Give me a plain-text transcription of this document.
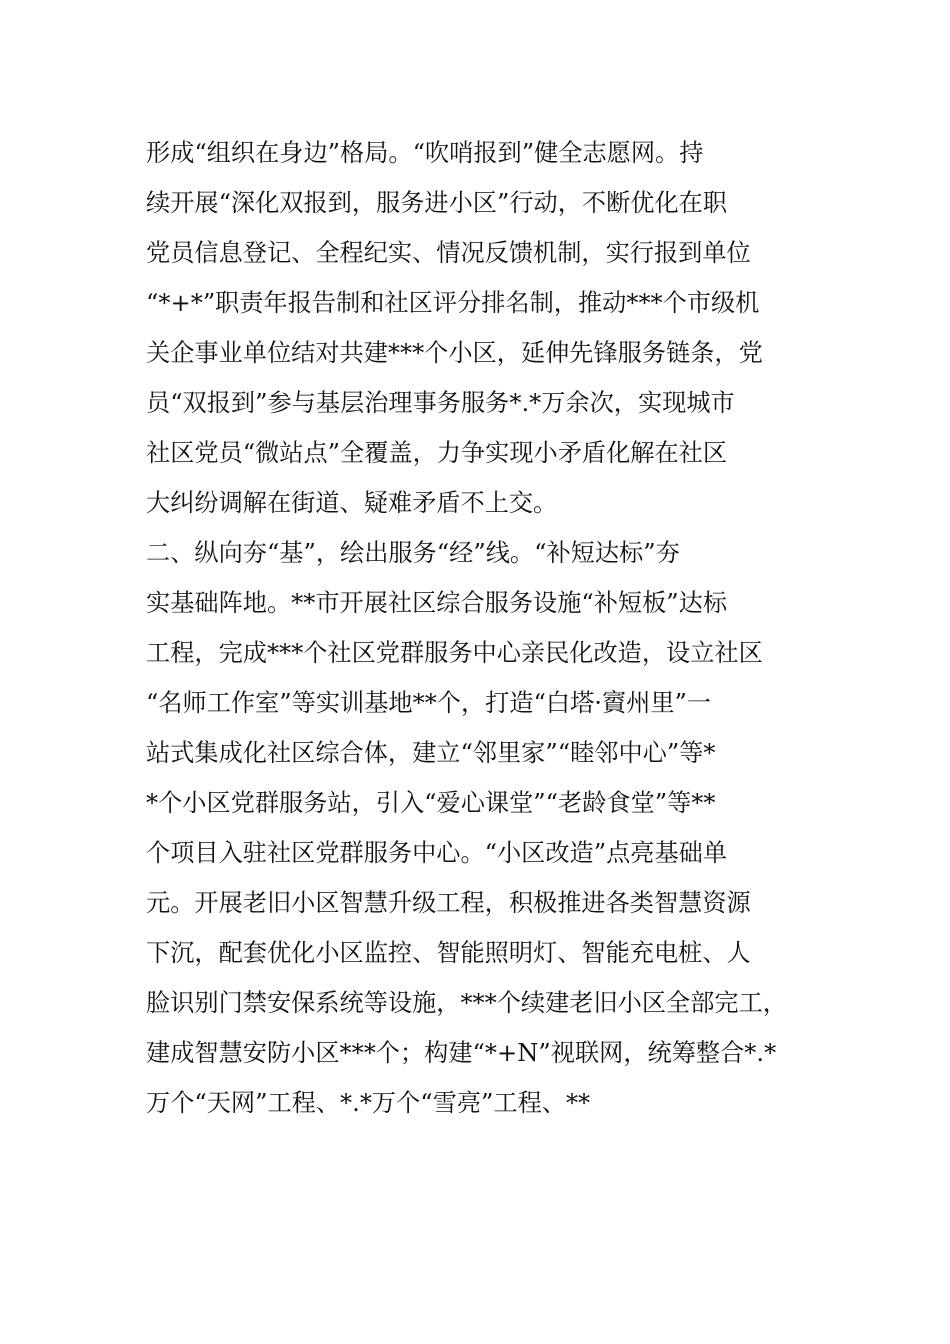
形成“组织在身边”格局。“吹哨报到”健全志愿网。持
续开展“深化双报到，服务进小区”行动，不断优化在职
党员信息登记、全程纪实、情况反馈机制，实行报到单位
“*+*”职责年报告制和社区评分排名制，推动***个市级机
关企事业单位结对共建***个小区，延伸先锋服务链条，党
员“双报到”参与基层治理事务服务*.*万余次，实现城市
社区党员“微站点”全覆盖，力争实现小矛盾化解在社区
大纠纷调解在街道、疑难矛盾不上交。
二、纵向夯“基”，绘出服务“经”线。“补短达标”夯
实基础阵地。**市开展社区综合服务设施“补短板”达标
工程，完成***个社区党群服务中心亲民化改造，设立社区
“名师工作室”等实训基地**个，打造“白塔·賨州里”一
站式集成化社区综合体，建立“邻里家”“睦邻中心”等*
*个小区党群服务站，引入“爱心课堂”“老龄食堂”等**
个项目入驻社区党群服务中心。“小区改造”点亮基础单
元。开展老旧小区智慧升级工程，积极推进各类智慧资源
下沉，配套优化小区监控、智能照明灯、智能充电桩、人
脸识别门禁安保系统等设施，***个续建老旧小区全部完工，
建成智慧安防小区***个；构建“*+N”视联网，统筹整合*.*
万个“天网”工程、*.*万个“雪亮”工程、**
